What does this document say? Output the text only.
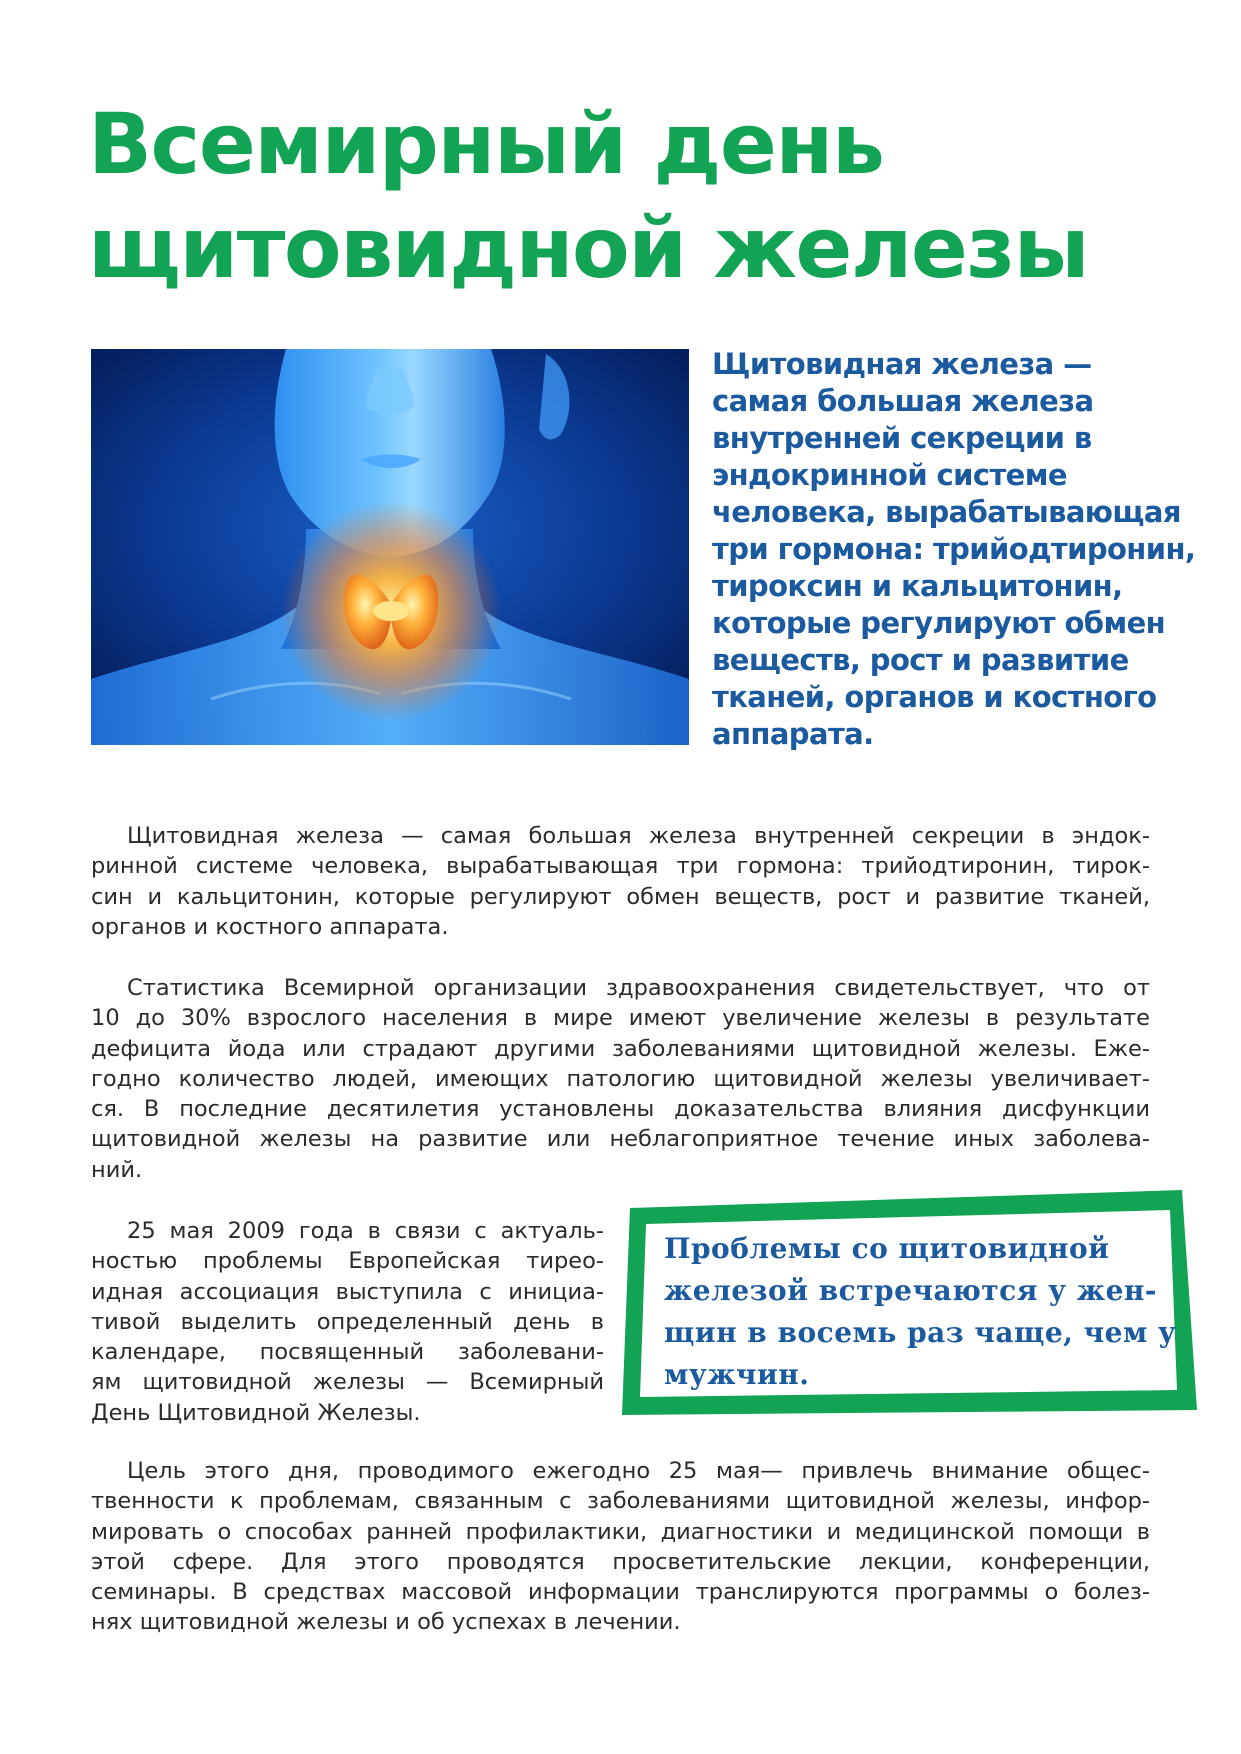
Всемирный день
щитовидной железы

Щитовидная железа —
самая большая железа
внутренней секреции в
эндокринной системе
человека, вырабатывающая
три гормона: трийодтиронин,
тироксин и кальцитонин,
которые регулируют обмен
веществ, рост и развитие
тканей, органов и костного
аппарата.

Щитовидная железа — самая большая железа внутренней секреции в эндок-
ринной системе человека, вырабатывающая три гормона: трийодтиронин, тирок-
син и кальцитонин, которые регулируют обмен веществ, рост и развитие тканей,
органов и костного аппарата.

Статистика Всемирной организации здравоохранения свидетельствует, что от
10 до 30% взрослого населения в мире имеют увеличение железы в результате
дефицита йода или страдают другими заболеваниями щитовидной железы. Еже-
годно количество людей, имеющих патологию щитовидной железы увеличивает-
ся. В последние десятилетия установлены доказательства влияния дисфункции
щитовидной железы на развитие или неблагоприятное течение иных заболева-
ний.

25 мая 2009 года в связи с актуаль-
ностью проблемы Европейская тирео-
идная ассоциация выступила с инициа-
тивой выделить определенный день в
календаре, посвященный заболевани-
ям щитовидной железы — Всемирный
День Щитовидной Железы.

Проблемы со щитовидной
железой встречаются у жен-
щин в восемь раз чаще, чем у
мужчин.

Цель этого дня, проводимого ежегодно 25 мая— привлечь внимание общес-
твенности к проблемам, связанным с заболеваниями щитовидной железы, инфор-
мировать о способах ранней профилактики, диагностики и медицинской помощи в
этой сфере. Для этого проводятся просветительские лекции, конференции,
семинары. В средствах массовой информации транслируются программы о болез-
нях щитовидной железы и об успехах в лечении.
